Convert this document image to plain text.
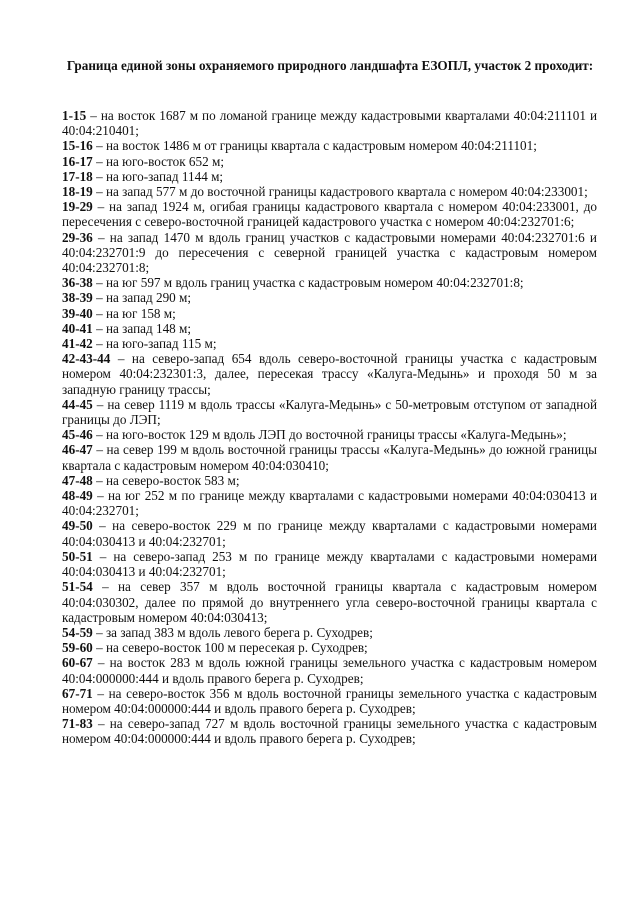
Граница единой зоны охраняемого природного ландшафта ЕЗОПЛ, участок 2 проходит:
1-15 – на восток 1687 м по ломаной границе между кадастровыми кварталами 40:04:211101 и 40:04:210401;
15-16 – на восток 1486 м от границы квартала с кадастровым номером 40:04:211101;
16-17 – на юго-восток 652 м;
17-18 – на юго-запад 1144 м;
18-19 – на запад 577 м до восточной границы кадастрового квартала с номером 40:04:233001;
19-29 – на запад 1924 м, огибая границы кадастрового квартала с номером 40:04:233001, до пересечения с северо-восточной границей кадастрового участка с номером 40:04:232701:6;
29-36 – на запад 1470 м вдоль границ участков с кадастровыми номерами 40:04:232701:6 и 40:04:232701:9 до пересечения с северной границей участка с кадастровым номером 40:04:232701:8;
36-38 – на юг 597 м вдоль границ участка с кадастровым номером 40:04:232701:8;
38-39 – на запад 290 м;
39-40 – на юг 158 м;
40-41 – на запад 148 м;
41-42 – на юго-запад 115 м;
42-43-44 – на северо-запад 654 вдоль северо-восточной границы участка с кадастровым номером 40:04:232301:3, далее, пересекая трассу «Калуга-Медынь» и проходя 50 м за западную границу трассы;
44-45 – на север 1119 м вдоль трассы «Калуга-Медынь» с 50-метровым отступом от западной границы до ЛЭП;
45-46 – на юго-восток 129 м вдоль ЛЭП до восточной границы трассы «Калуга-Медынь»;
46-47 – на север 199 м вдоль восточной границы трассы «Калуга-Медынь» до южной границы квартала с кадастровым номером 40:04:030410;
47-48 – на северо-восток 583 м;
48-49 – на юг 252 м по границе между кварталами с кадастровыми номерами 40:04:030413 и 40:04:232701;
49-50 – на северо-восток 229 м по границе между кварталами с кадастровыми номерами 40:04:030413 и 40:04:232701;
50-51 – на северо-запад 253 м по границе между кварталами с кадастровыми номерами 40:04:030413 и 40:04:232701;
51-54 – на север 357 м вдоль восточной границы квартала с кадастровым номером 40:04:030302, далее по прямой до внутреннего угла северо-восточной границы квартала с кадастровым номером 40:04:030413;
54-59 – за запад 383 м вдоль левого берега р. Суходрев;
59-60 – на северо-восток 100 м пересекая р. Суходрев;
60-67 – на восток 283 м вдоль южной границы земельного участка с кадастровым номером 40:04:000000:444 и вдоль правого берега р. Суходрев;
67-71 – на северо-восток 356 м вдоль восточной границы земельного участка с кадастровым номером 40:04:000000:444 и вдоль правого берега р. Суходрев;
71-83 – на северо-запад 727 м вдоль восточной границы земельного участка с кадастровым номером 40:04:000000:444 и вдоль правого берега р. Суходрев;
